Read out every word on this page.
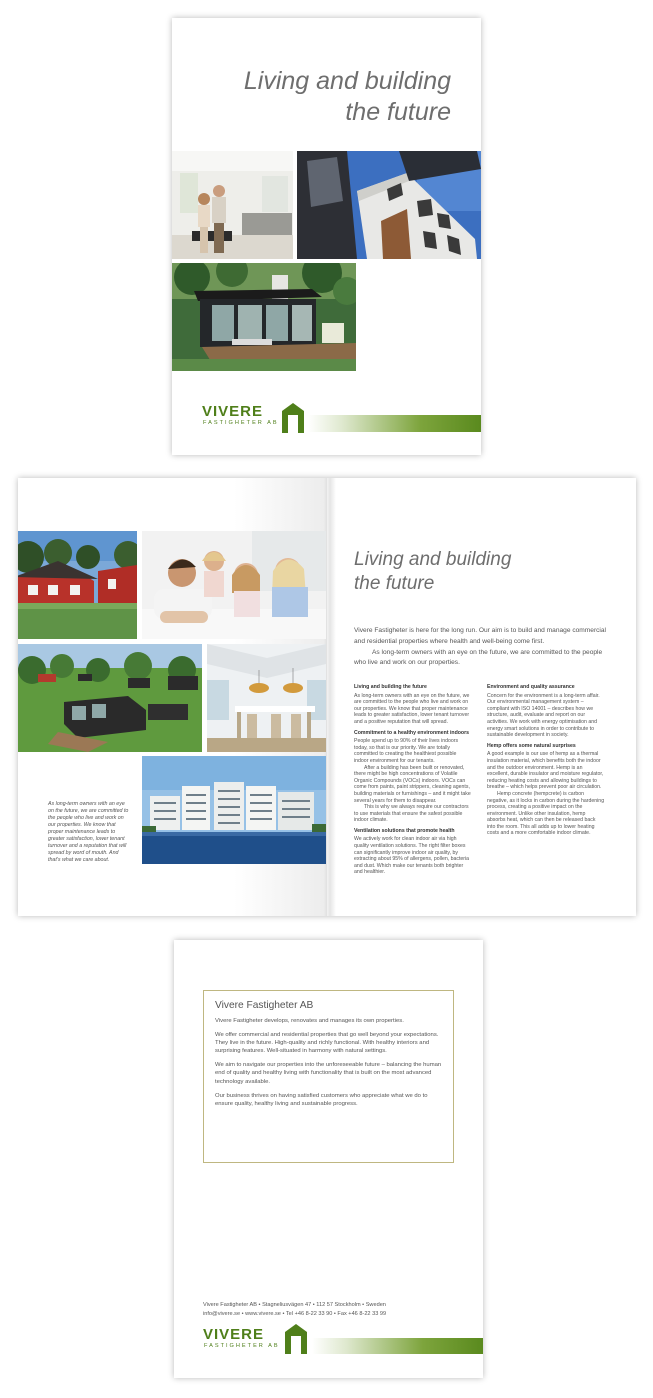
Living and building
the future
VIVERE
FASTIGHETER AB
As long-term owners with an eye on the future, we are committed to the people who live and work on our properties. We know that proper maintenance leads to greater satisfaction, lower tenant turnover and a reputation that will spread by word of mouth. And that's what we care about.
Living and building
the future

Vivere Fastigheter is here for the long run. Our aim is to build and manage commercial and residential properties where health and well-being come first.

As long-term owners with an eye on the future, we are committed to the people who live and work on our properties.

Living and building the future

As long-term owners with an eye on the future, we are committed to the people who live and work on our properties. We know that proper maintenance leads to greater satisfaction, lower tenant turnover and a positive reputation that will spread.

Commitment to a healthy environment indoors

People spend up to 90% of their lives indoors today, so that is our priority. We are totally committed to creating the healthiest possible indoor environment for our tenants.

After a building has been built or renovated, there might be high concentrations of Volatile Organic Compounds (VOCs) indoors. VOCs can come from paints, paint strippers, cleaning agents, building materials or furnishings – and it might take several years for them to disappear.

This is why we always require our contractors to use materials that ensure the safest possible indoor climate.

Ventilation solutions that promote health

We actively work for clean indoor air via high quality ventilation solutions. The right filter boxes can significantly improve indoor air quality, by extracting about 95% of allergens, pollen, bacteria and dust. Which make our tenants both brighter and healthier.

Environment and quality assurance

Concern for the environment is a long-term affair. Our environmental management system – compliant with ISO 14001 – describes how we structure, audit, evaluate and report on our activities. We work with energy optimisation and energy smart solutions in order to contribute to sustainable development in society.

Hemp offers some natural surprises

A good example is our use of hemp as a thermal insulation material, which benefits both the indoor and the outdoor environment. Hemp is an excellent, durable insulator and moisture regulator, reducing heating costs and allowing buildings to breathe – which helps prevent poor air circulation.

Hemp concrete (hempcrete) is carbon negative, as it locks in carbon during the hardening process, creating a positive impact on the environment. Unlike other insulation, hemp absorbs heat, which can then be released back into the room. This all adds up to lower heating costs and a more comfortable indoor climate.

Vivere Fastigheter AB

Vivere Fastigheter develops, renovates and manages its own properties.

We offer commercial and residential properties that go well beyond your expectations. They live in the future. High-quality and richly functional. With healthy interiors and surprising features. Well-situated in harmony with natural settings.

We aim to navigate our properties into the unforeseeable future – balancing the human end of quality and healthy living with functionality that is built on the most advanced technology available.

Our business thrives on having satisfied customers who appreciate what we do to ensure quality, healthy living and sustainable progress.

Vivere Fastigheter AB • Stagneliusvägen 47 • 112 57 Stockholm • Sweden
info@vivere.se • www.vivere.se • Tel +46 8-22 33 90 • Fax +46 8-22 33 99
VIVERE
FASTIGHETER AB
